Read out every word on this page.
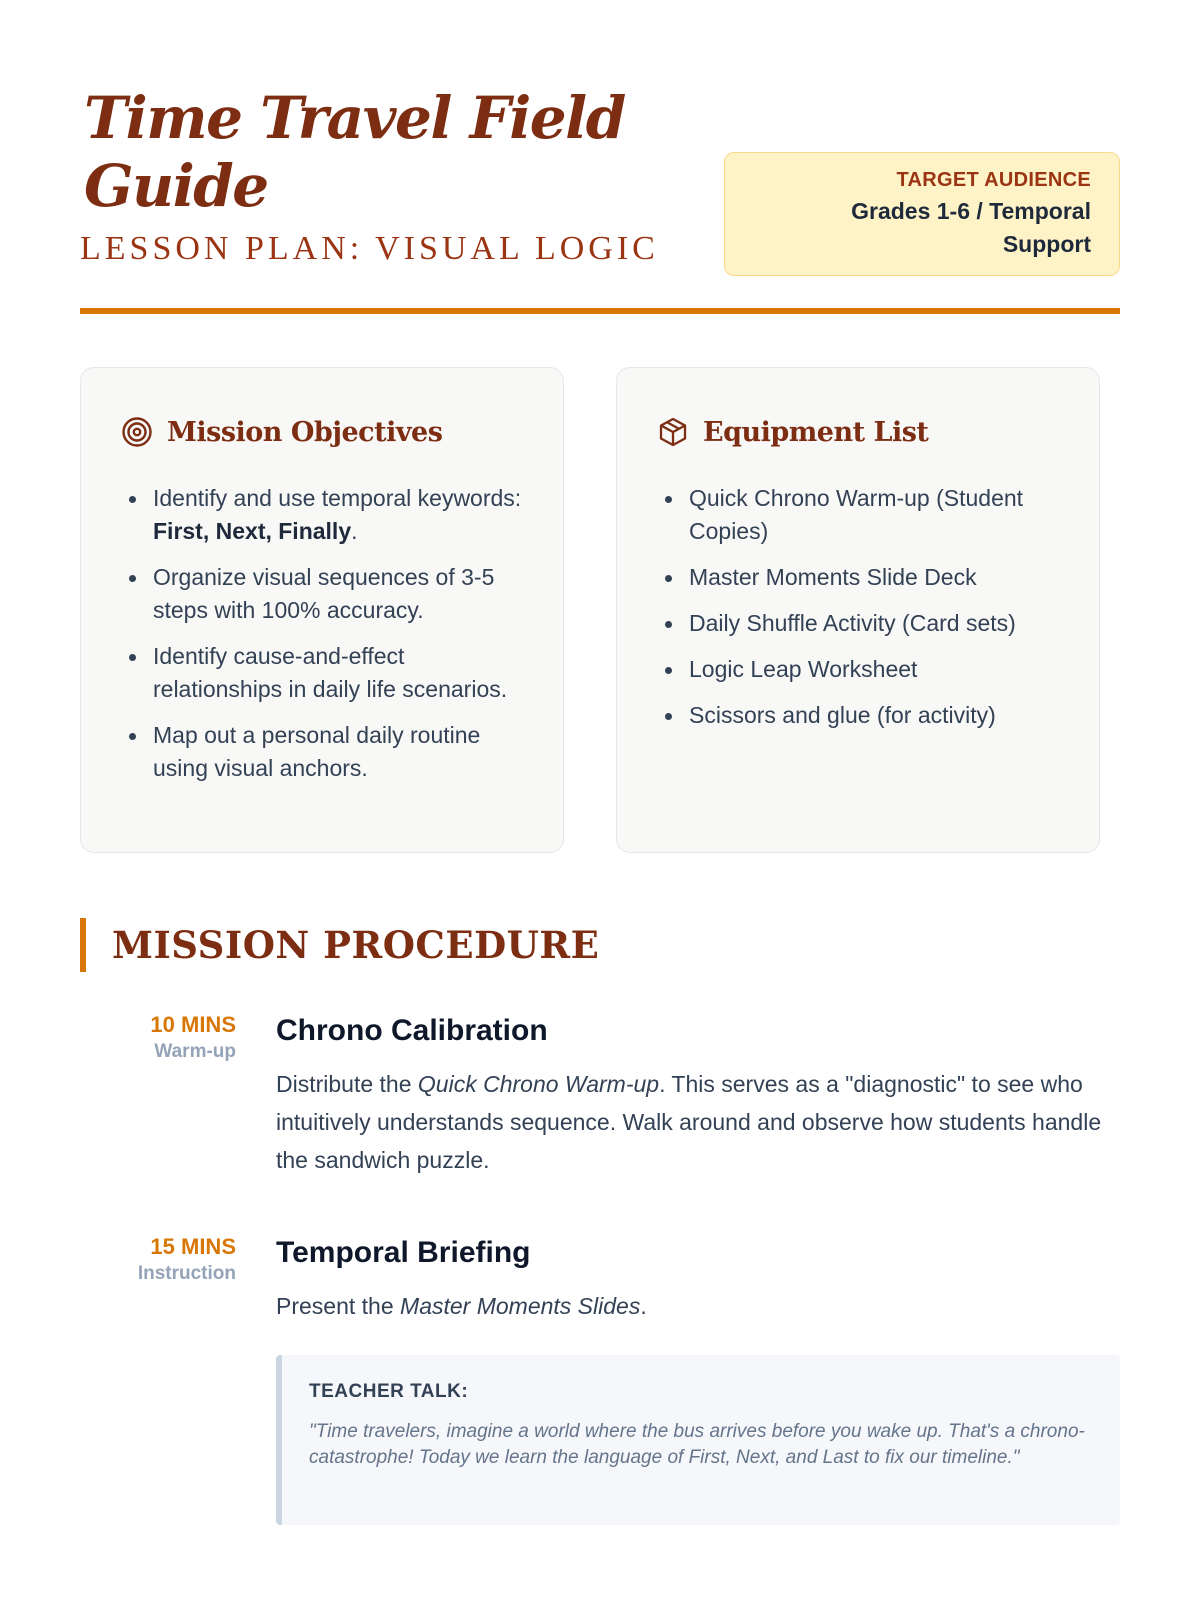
Time Travel Field Guide
LESSON PLAN: VISUAL LOGIC
TARGET AUDIENCE
Grades 1-6 / Temporal
Support
Mission Objectives
Identify and use temporal keywords: First, Next, Finally.
Organize visual sequences of 3-5 steps with 100% accuracy.
Identify cause-and-effect relationships in daily life scenarios.
Map out a personal daily routine using visual anchors.
Equipment List
Quick Chrono Warm-up (Student Copies)
Master Moments Slide Deck
Daily Shuffle Activity (Card sets)
Logic Leap Worksheet
Scissors and glue (for activity)
MISSION PROCEDURE
10 MINS
Warm-up
Chrono Calibration
Distribute the Quick Chrono Warm-up. This serves as a "diagnostic" to see who intuitively understands sequence. Walk around and observe how students handle the sandwich puzzle.
15 MINS
Instruction
Temporal Briefing
Present the Master Moments Slides.
TEACHER TALK:
"Time travelers, imagine a world where the bus arrives before you wake up. That's a chrono-catastrophe! Today we learn the language of First, Next, and Last to fix our timeline."
